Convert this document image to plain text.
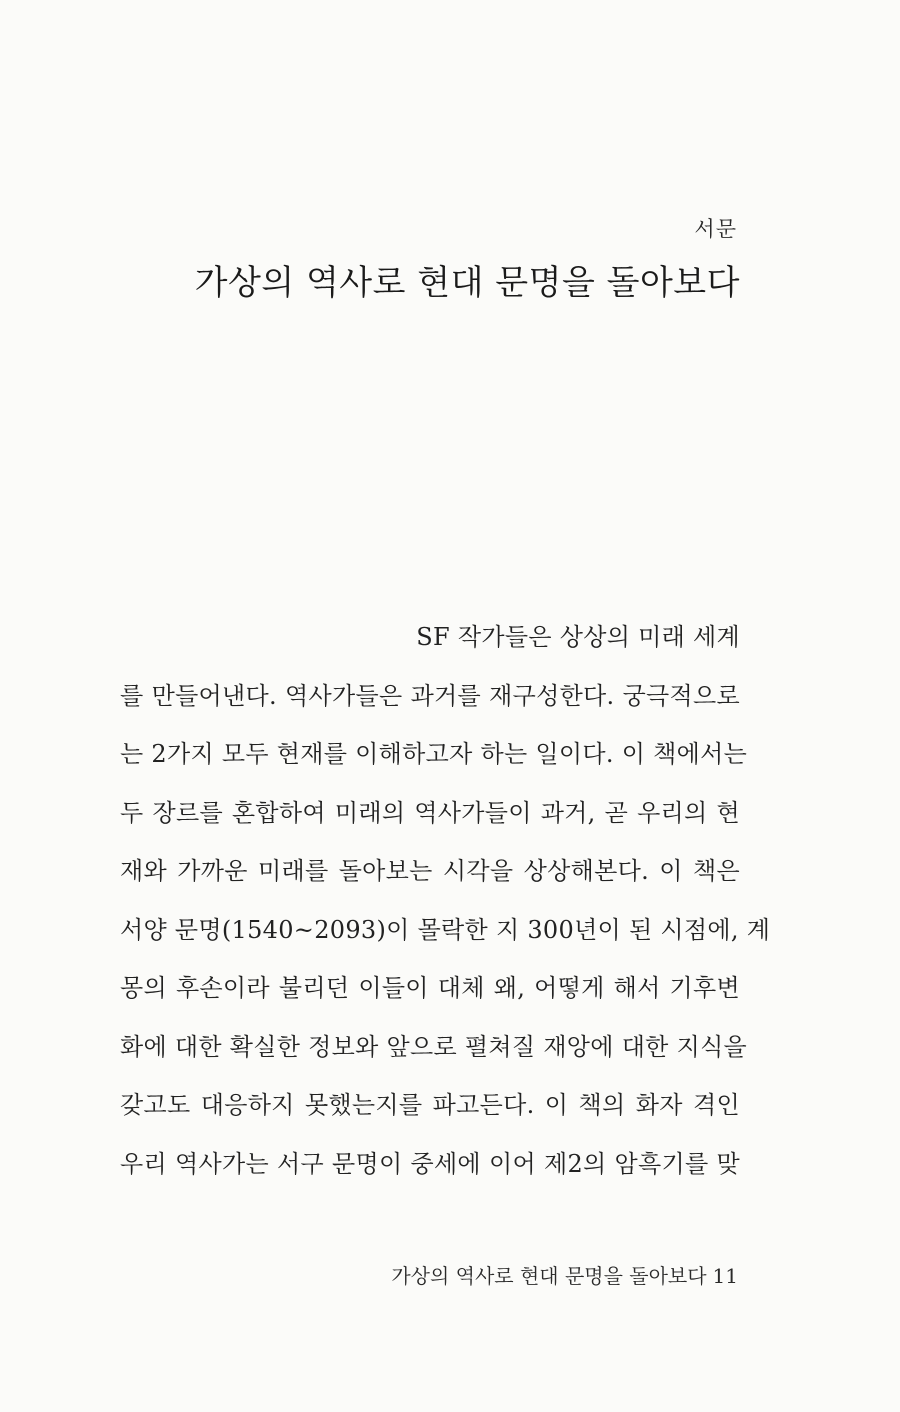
서문
가상의 역사로 현대 문명을 돌아보다
SF 작가들은 상상의 미래 세계
를 만들어낸다. 역사가들은 과거를 재구성한다. 궁극적으로
는 2가지 모두 현재를 이해하고자 하는 일이다. 이 책에서는
두 장르를 혼합하여 미래의 역사가들이 과거, 곧 우리의 현
재와 가까운 미래를 돌아보는 시각을 상상해본다. 이 책은
서양 문명(1540~2093)이 몰락한 지 300년이 된 시점에, 계
몽의 후손이라 불리던 이들이 대체 왜, 어떻게 해서 기후변
화에 대한 확실한 정보와 앞으로 펼쳐질 재앙에 대한 지식을
갖고도 대응하지 못했는지를 파고든다. 이 책의 화자 격인
우리 역사가는 서구 문명이 중세에 이어 제2의 암흑기를 맞
가상의 역사로 현대 문명을 돌아보다 11
